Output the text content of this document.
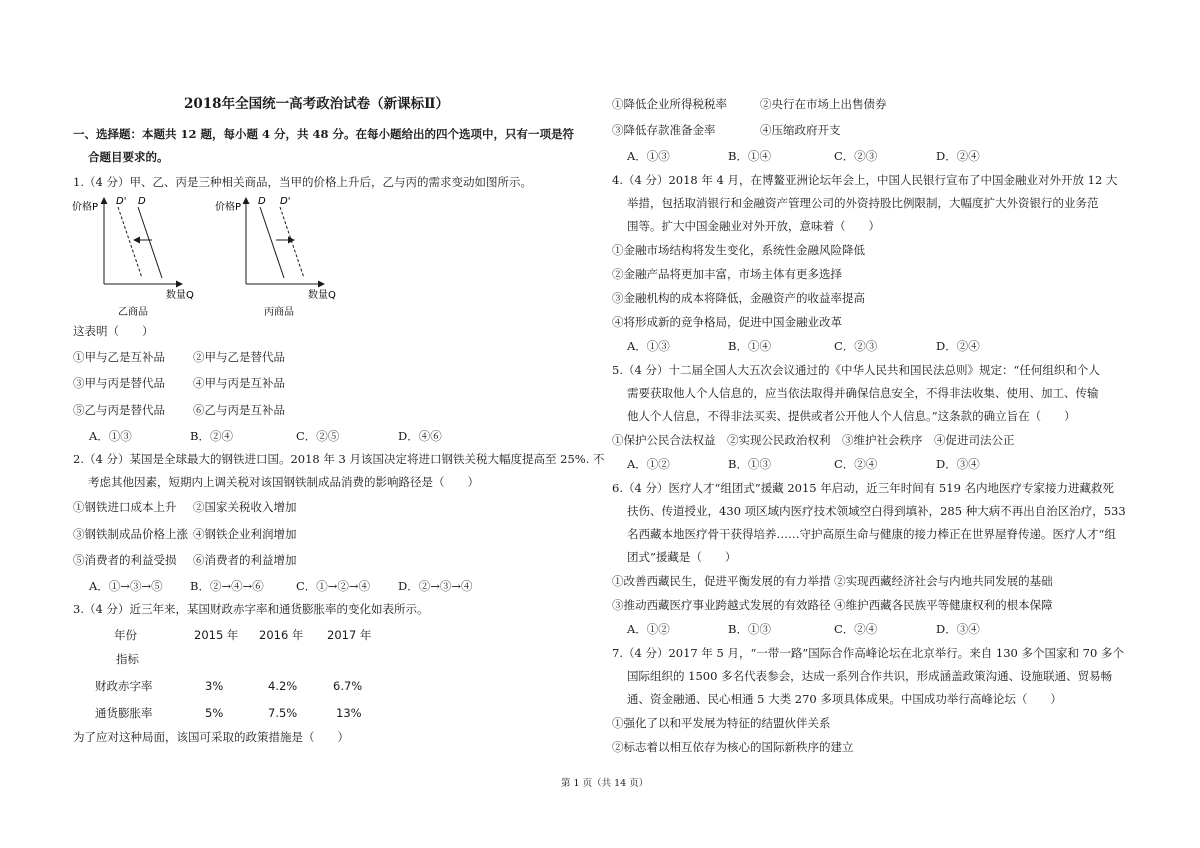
2018年全国统一高考政治试卷（新课标Ⅱ）
一、选择题：本题共 12 题，每小题 4 分，共 48 分。在每小题给出的四个选项中，只有一项是符
合题目要求的。
1.（4 分）甲、乙、丙是三种相关商品，当甲的价格上升后，乙与丙的需求变动如图所示。
价格P
D' D
数量Q
乙商品
价格P
D D'
数量Q
丙商品
这表明（　　）
①甲与乙是互补品 ②甲与乙是替代品
③甲与丙是替代品 ④甲与丙是互补品
⑤乙与丙是替代品 ⑥乙与丙是互补品
A．①③	B．②④	C．②⑤	D．④⑥
2.（4 分）某国是全球最大的钢铁进口国。2018 年 3 月该国决定将进口钢铁关税大幅度提高至 25%. 不
考虑其他因素，短期内上调关税对该国钢铁制成品消费的影响路径是（　　）
①钢铁进口成本上升 ②国家关税收入增加
③钢铁制成品价格上涨 ④钢铁企业利润增加
⑤消费者的利益受损 ⑥消费者的利益增加
A．①→③→⑤ B．②→④→⑥	C．①→②→④ D．②→③→④
3.（4 分）近三年来，某国财政赤字率和通货膨胀率的变化如表所示。
年份	2015 年 2016 年 2017 年
指标
财政赤字率	3%	4.2%	6.7%
通货膨胀率	5%	7.5%	13%
为了应对这种局面，该国可采取的政策措施是（　　）
①降低企业所得税税率	②央行在市场上出售债券
③降低存款准备金率	④压缩政府开支
A．①③	B．①④	C．②③	D．②④
4.（4 分）2018 年 4 月，在博鳌亚洲论坛年会上，中国人民银行宣布了中国金融业对外开放 12 大
举措，包括取消银行和金融资产管理公司的外资持股比例限制，大幅度扩大外资银行的业务范
围等。扩大中国金融业对外开放，意味着（　　）
①金融市场结构将发生变化，系统性金融风险降低
②金融产品将更加丰富，市场主体有更多选择
③金融机构的成本将降低，金融资产的收益率提高
④将形成新的竞争格局，促进中国金融业改革
A．①③	B．①④	C．②③	D．②④
5.（4 分）十二届全国人大五次会议通过的《中华人民共和国民法总则》规定：“任何组织和个人
需要获取他人个人信息的，应当依法取得并确保信息安全，不得非法收集、使用、加工、传输
他人个人信息，不得非法买卖、提供或者公开他人个人信息。”这条款的确立旨在（　　）
①保护公民合法权益　②实现公民政治权利　③维护社会秩序　④促进司法公正
A．①②	B．①③	C．②④	D．③④
6.（4 分）医疗人才“组团式”援藏 2015 年启动，近三年时间有 519 名内地医疗专家接力进藏救死
扶伤、传道授业，430 项区域内医疗技术领域空白得到填补，285 种大病不再出自治区治疗，533
名西藏本地医疗骨干获得培养……守护高原生命与健康的接力棒正在世界屋脊传递。医疗人才“组
团式”援藏是（　　）
①改善西藏民生，促进平衡发展的有力举措 ②实现西藏经济社会与内地共同发展的基础
③推动西藏医疗事业跨越式发展的有效路径 ④维护西藏各民族平等健康权利的根本保障
A．①②	B．①③	C．②④	D．③④
7.（4 分）2017 年 5 月，“一带一路”国际合作高峰论坛在北京举行。来自 130 多个国家和 70 多个
国际组织的 1500 多名代表参会，达成一系列合作共识，形成涵盖政策沟通、设施联通、贸易畅
通、资金融通、民心相通 5 大类 270 多项具体成果。中国成功举行高峰论坛（　　）
①强化了以和平发展为特征的结盟伙伴关系
②标志着以相互依存为核心的国际新秩序的建立
第 1 页（共 14 页）
